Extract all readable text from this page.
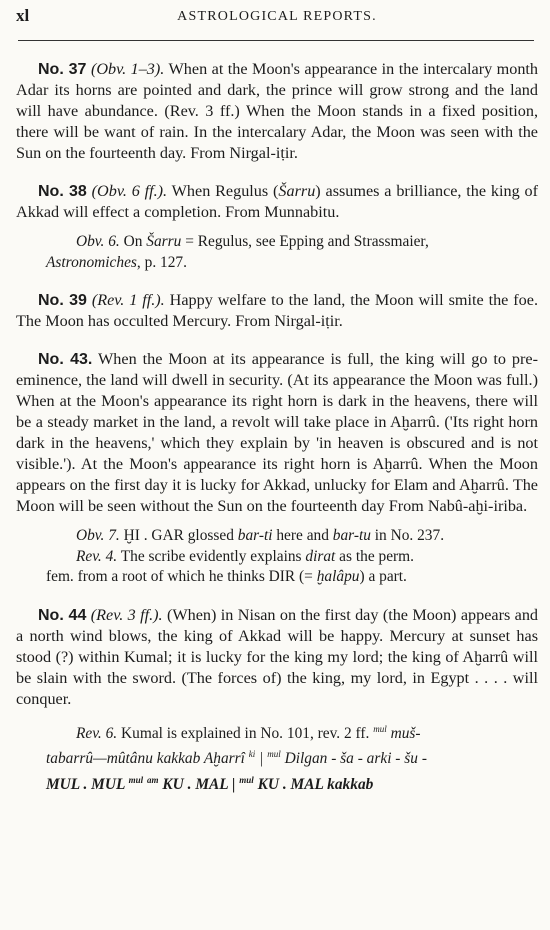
xl	ASTROLOGICAL REPORTS.

No. 37 (Obv. 1–3). When at the Moon's appearance in the intercalary month Adar its horns are pointed and dark, the prince will grow strong and the land will have abundance. (Rev. 3 ff.) When the Moon stands in a fixed position, there will be want of rain. In the intercalary Adar, the Moon was seen with the Sun on the fourteenth day. From Nirgal-iṭir.

No. 38 (Obv. 6 ff.). When Regulus (Šarru) assumes a brilliance, the king of Akkad will effect a completion. From Munnabitu.

Obv. 6. On Šarru = Regulus, see Epping and Strassmaier,
Astronomiches, p. 127.

No. 39 (Rev. 1 ff.). Happy welfare to the land, the Moon will smite the foe. The Moon has occulted Mercury. From Nirgal-iṭir.

No. 43. When the Moon at its appearance is full, the king will go to pre-eminence, the land will dwell in security. (At its appearance the Moon was full.) When at the Moon's appearance its right horn is dark in the heavens, there will be a steady market in the land, a revolt will take place in Aḫarrû. ('Its right horn dark in the heavens,' which they explain by 'in heaven is obscured and is not visible.'). At the Moon's appearance its right horn is Aḫarrû. When the Moon appears on the first day it is lucky for Akkad, unlucky for Elam and Aḫarrû. The Moon will be seen without the Sun on the fourteenth day From Nabû-aḫi-iriba.

Obv. 7. ḪI . GAR glossed bar-ti here and bar-tu in No. 237.

Rev. 4. The scribe evidently explains dirat as the perm.
fem. from a root of which he thinks DIR (= ḫalâpu) a part.

No. 44 (Rev. 3 ff.). (When) in Nisan on the first day (the Moon) appears and a north wind blows, the king of Akkad will be happy. Mercury at sunset has stood (?) within Kumal; it is lucky for the king my lord; the king of Aḫarrû will be slain with the sword. (The forces of) the king, my lord, in Egypt . . . . will conquer.

Rev. 6. Kumal is explained in No. 101, rev. 2 ff. $^{mul}$ muš-
tabarrû—mûtânu kakkab Aḫarrî $^{ki}$ | $^{mul}$ Dilgan - ša - arki - šu -
MUL . MUL $^{mul}$ $^{am}$ KU . MAL | $^{mul}$ KU . MAL kakkab
